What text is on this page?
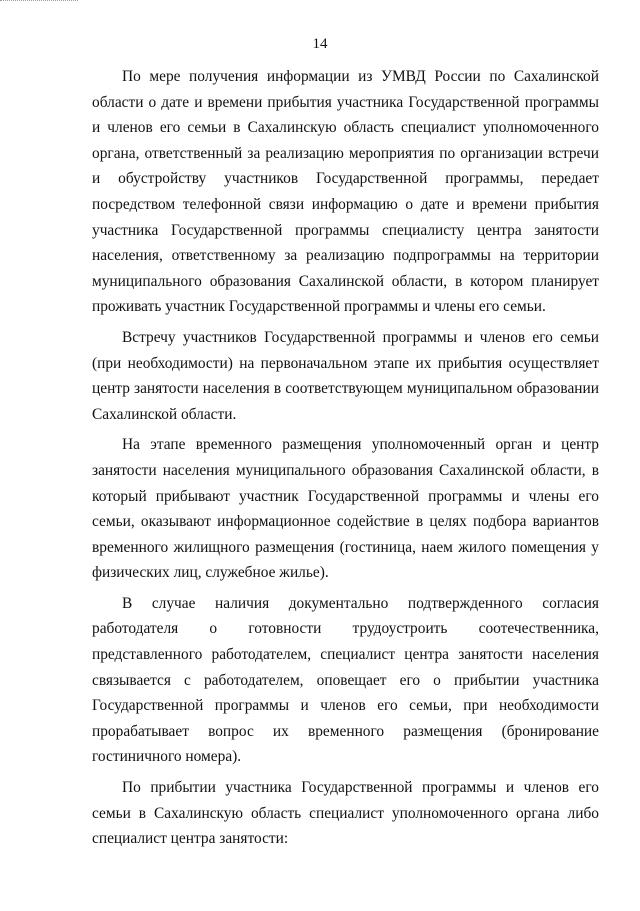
14

По мере получения информации из УМВД России по Сахалинской области о дате и времени прибытия участника Государственной программы и членов его семьи в Сахалинскую область специалист уполномоченного органа, ответственный за реализацию мероприятия по организации встречи и обустройству участников Государственной программы, передает посредством телефонной связи информацию о дате и времени прибытия участника Государственной программы специалисту центра занятости населения, ответственному за реализацию подпрограммы на территории муниципального образования Сахалинской области, в котором планирует проживать участник Государственной программы и члены его семьи.

Встречу участников Государственной программы и членов его семьи (при необходимости) на первоначальном этапе их прибытия осуществляет центр занятости населения в соответствующем муниципальном образовании Сахалинской области.

На этапе временного размещения уполномоченный орган и центр занятости населения муниципального образования Сахалинской области, в который прибывают участник Государственной программы и члены его семьи, оказывают информационное содействие в целях подбора вариантов временного жилищного размещения (гостиница, наем жилого помещения у физических лиц, служебное жилье).

В случае наличия документально подтвержденного согласия работодателя о готовности трудоустроить соотечественника, представленного работодателем, специалист центра занятости населения связывается с работодателем, оповещает его о прибытии участника Государственной программы и членов его семьи, при необходимости прорабатывает вопрос их временного размещения (бронирование гостиничного номера).

По прибытии участника Государственной программы и членов его семьи в Сахалинскую область специалист уполномоченного органа либо специалист центра занятости:
